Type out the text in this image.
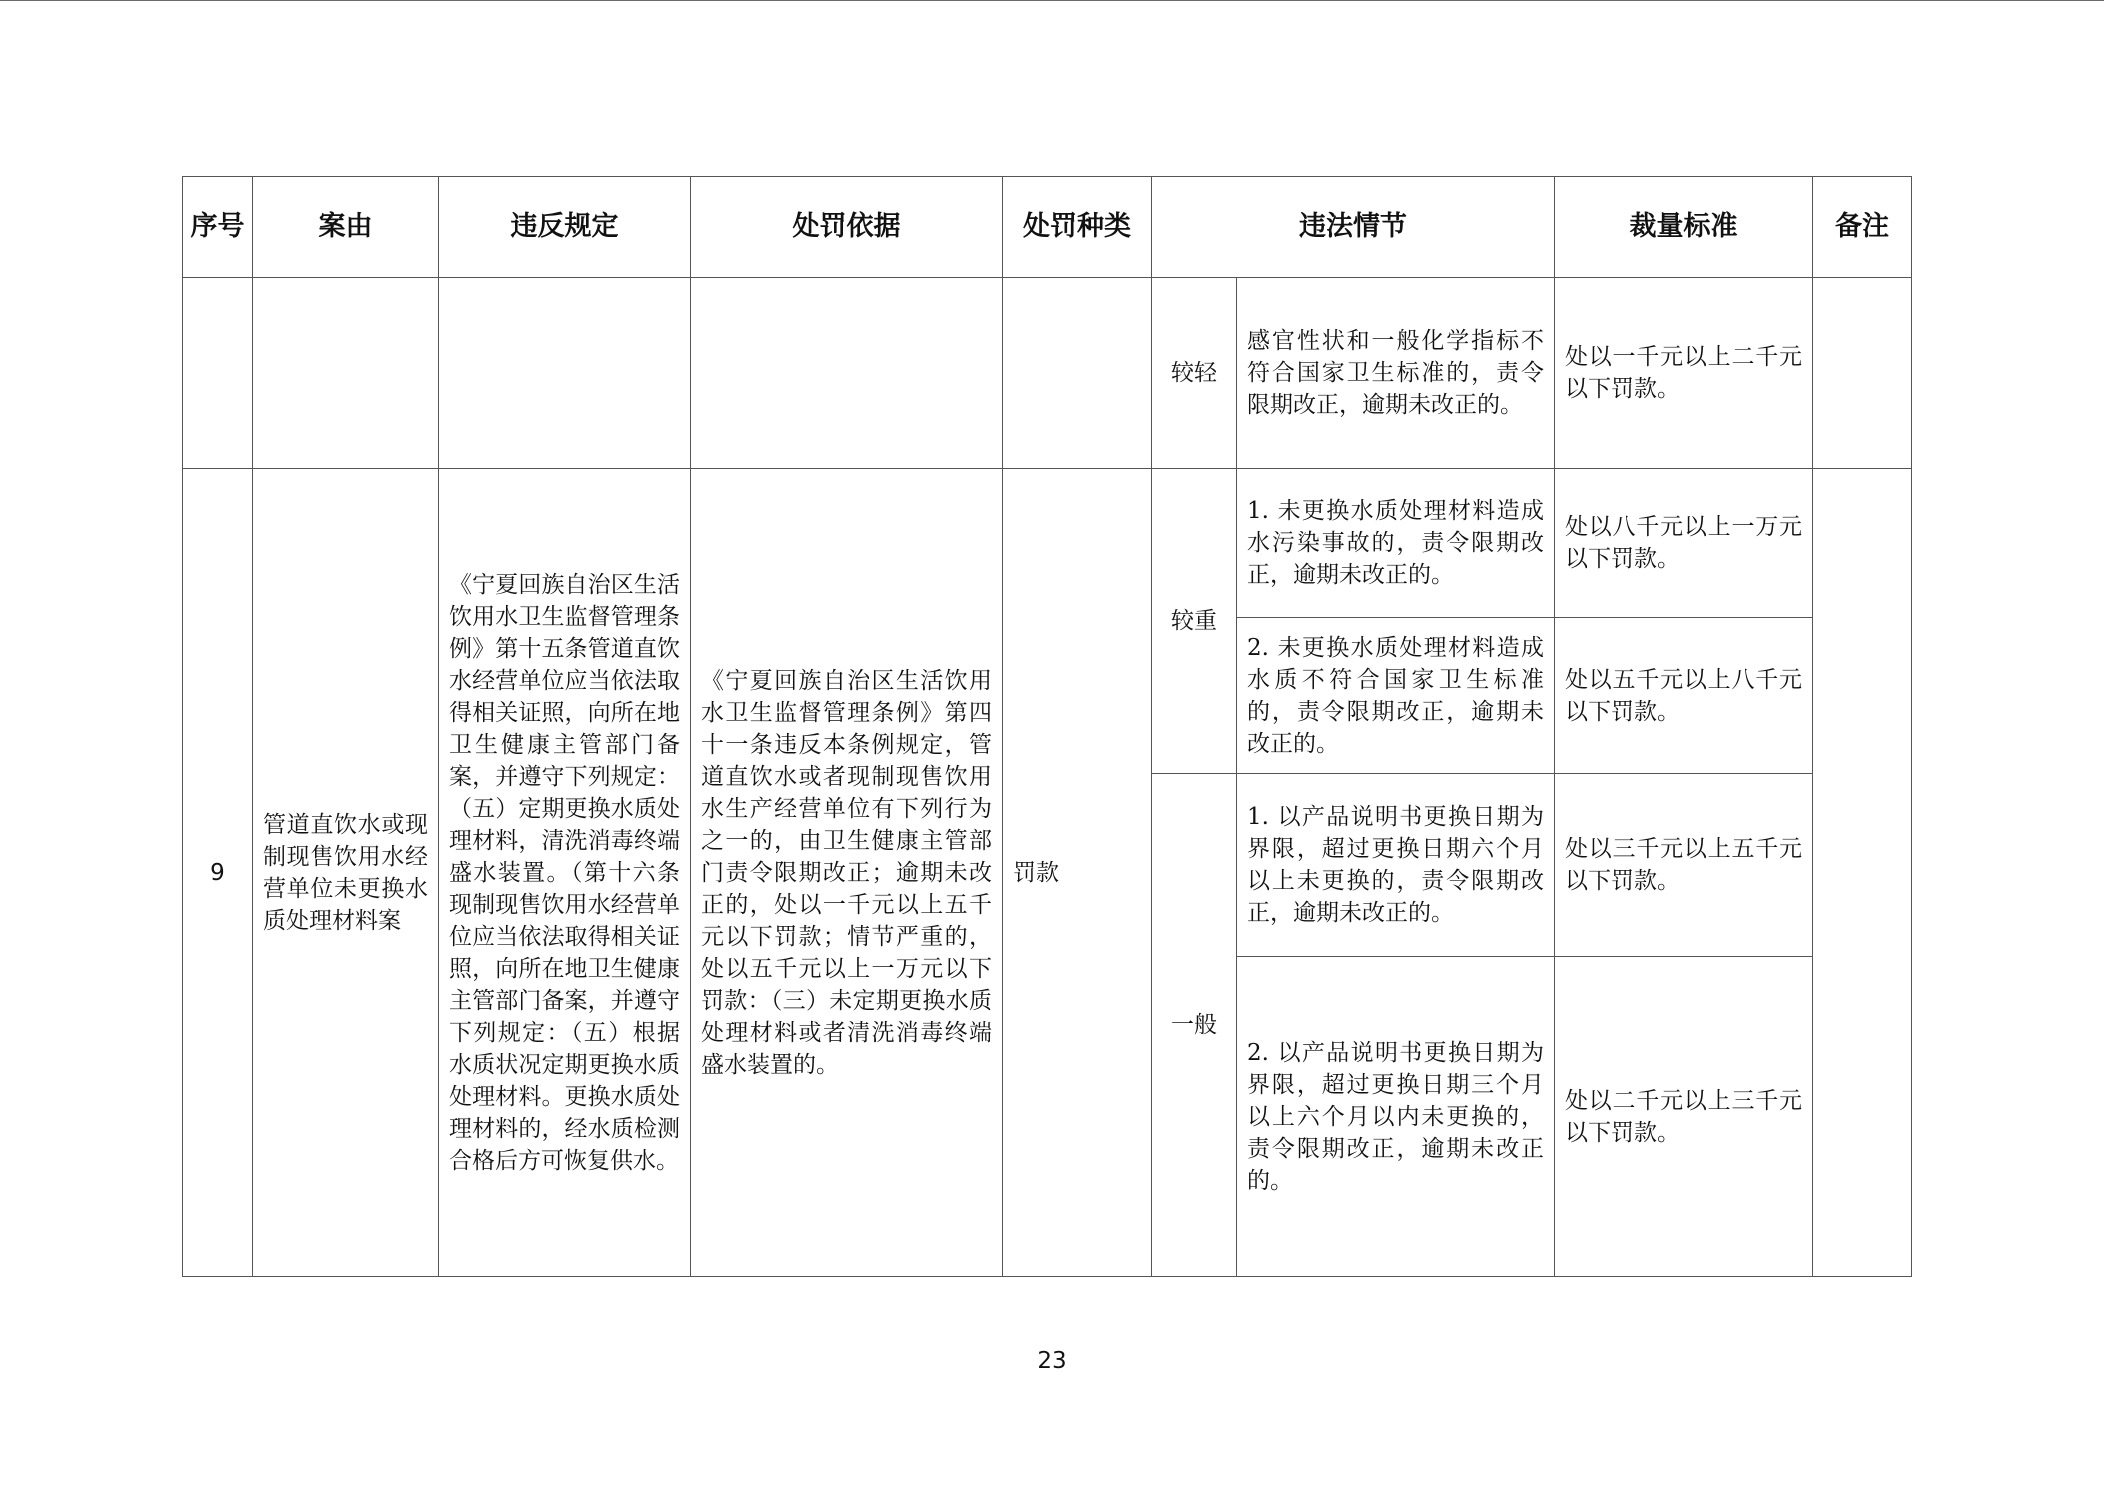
序号	案由	违反规定	处罚依据	处罚种类	违法情节		裁量标准	备注
					较轻	感官性状和一般化学指标不符合国家卫生标准的，责令限期改正，逾期未改正的。	处以一千元以上二千元以下罚款。	
9	管道直饮水或现制现售饮用水经营单位未更换水质处理材料案	《宁夏回族自治区生活饮用水卫生监督管理条例》第十五条管道直饮水经营单位应当依法取得相关证照，向所在地卫生健康主管部门备案，并遵守下列规定：（五）定期更换水质处理材料，清洗消毒终端盛水装置。（第十六条现制现售饮用水经营单位应当依法取得相关证照，向所在地卫生健康主管部门备案，并遵守下列规定：（五）根据水质状况定期更换水质处理材料。更换水质处理材料的，经水质检测合格后方可恢复供水。	《宁夏回族自治区生活饮用水卫生监督管理条例》第四十一条违反本条例规定，管道直饮水或者现制现售饮用水生产经营单位有下列行为之一的，由卫生健康主管部门责令限期改正；逾期未改正的，处以一千元以上五千元以下罚款；情节严重的，处以五千元以上一万元以下罚款：（三）未定期更换水质处理材料或者清洗消毒终端盛水装置的。	罚款	较重	1. 未更换水质处理材料造成水污染事故的，责令限期改正，逾期未改正的。	处以八千元以上一万元以下罚款。	
						2. 未更换水质处理材料造成水质不符合国家卫生标准的，责令限期改正，逾期未改正的。	处以五千元以上八千元以下罚款。	
					一般	1. 以产品说明书更换日期为界限，超过更换日期六个月以上未更换的，责令限期改正，逾期未改正的。	处以三千元以上五千元以下罚款。	
						2. 以产品说明书更换日期为界限，超过更换日期三个月以上六个月以内未更换的，责令限期改正，逾期未改正的。	处以二千元以上三千元以下罚款。	
23
